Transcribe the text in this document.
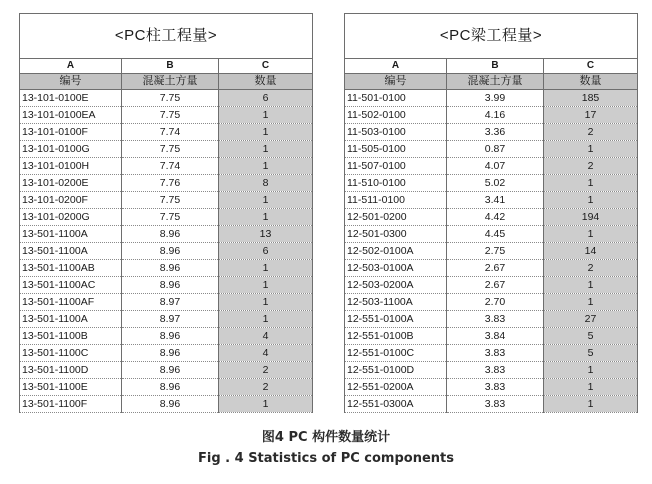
<PC柱工程量>		
A	B	C
编号	混凝土方量	数量
13-101-0100E	7.75	6
13-101-0100EA	7.75	1
13-101-0100F	7.74	1
13-101-0100G	7.75	1
13-101-0100H	7.74	1
13-101-0200E	7.76	8
13-101-0200F	7.75	1
13-101-0200G	7.75	1
13-501-1100A	8.96	13
13-501-1100A	8.96	6
13-501-1100AB	8.96	1
13-501-1100AC	8.96	1
13-501-1100AF	8.97	1
13-501-1100A	8.97	1
13-501-1100B	8.96	4
13-501-1100C	8.96	4
13-501-1100D	8.96	2
13-501-1100E	8.96	2
13-501-1100F	8.96	1
<PC梁工程量>		
A	B	C
编号	混凝土方量	数量
11-501-0100	3.99	185
11-502-0100	4.16	17
11-503-0100	3.36	2
11-505-0100	0.87	1
11-507-0100	4.07	2
11-510-0100	5.02	1
11-511-0100	3.41	1
12-501-0200	4.42	194
12-501-0300	4.45	1
12-502-0100A	2.75	14
12-503-0100A	2.67	2
12-503-0200A	2.67	1
12-503-1100A	2.70	1
12-551-0100A	3.83	27
12-551-0100B	3.84	5
12-551-0100C	3.83	5
12-551-0100D	3.83	1
12-551-0200A	3.83	1
12-551-0300A	3.83	1
图4 PC 构件数量统计
Fig . 4 Statistics of PC components
